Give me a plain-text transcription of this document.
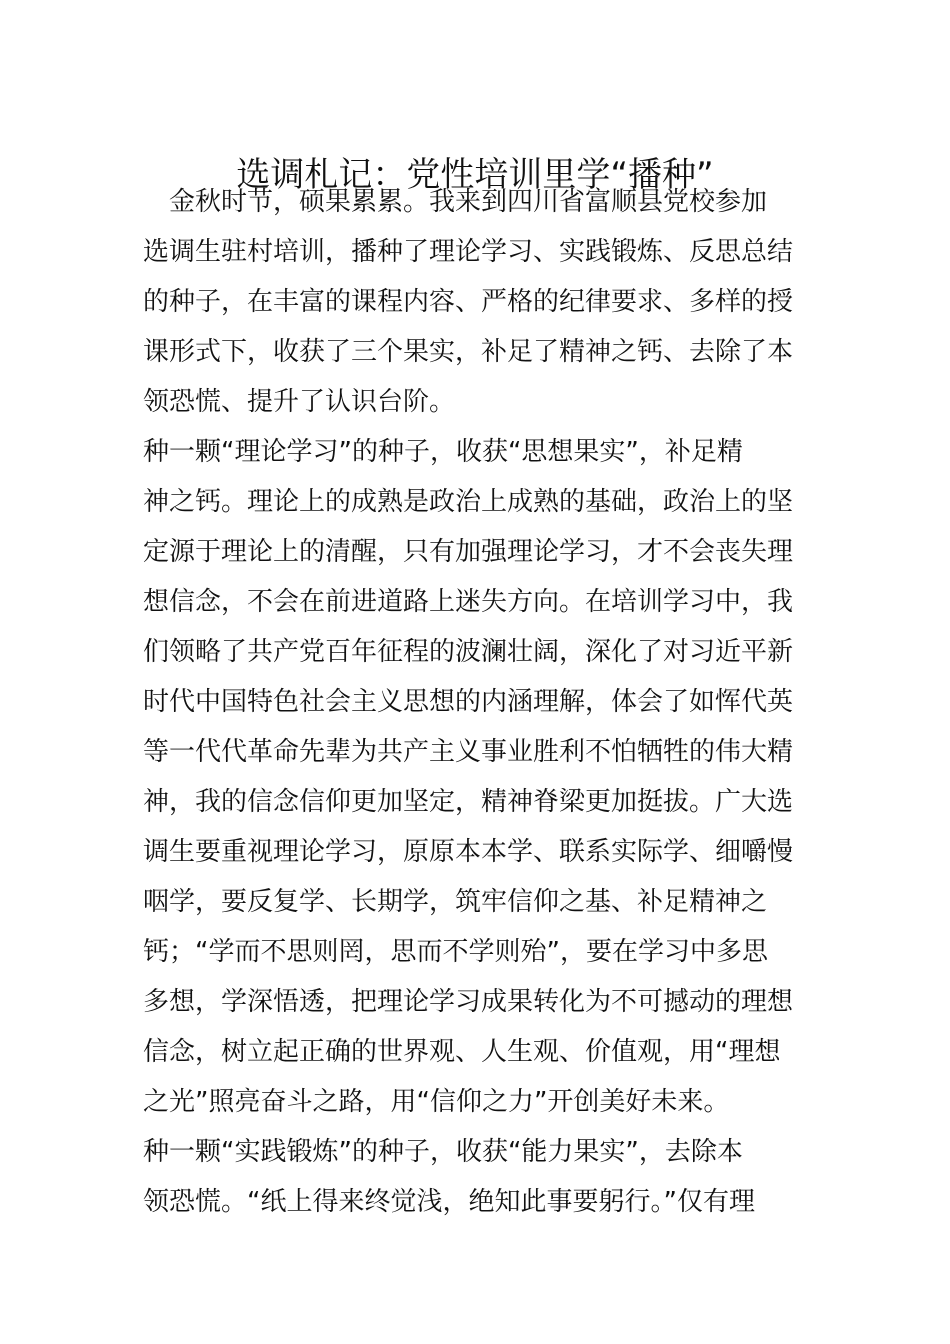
选调札记：党性培训里学“播种”
　金秋时节，硕果累累。我来到四川省富顺县党校参加
选调生驻村培训，播种了理论学习、实践锻炼、反思总结
的种子，在丰富的课程内容、严格的纪律要求、多样的授
课形式下，收获了三个果实，补足了精神之钙、去除了本
领恐慌、提升了认识台阶。
种一颗“理论学习”的种子，收获“思想果实”，补足精
神之钙。理论上的成熟是政治上成熟的基础，政治上的坚
定源于理论上的清醒，只有加强理论学习，才不会丧失理
想信念，不会在前进道路上迷失方向。在培训学习中，我
们领略了共产党百年征程的波澜壮阔，深化了对习近平新
时代中国特色社会主义思想的内涵理解，体会了如恽代英
等一代代革命先辈为共产主义事业胜利不怕牺牲的伟大精
神，我的信念信仰更加坚定，精神脊梁更加挺拔。广大选
调生要重视理论学习，原原本本学、联系实际学、细嚼慢
咽学，要反复学、长期学，筑牢信仰之基、补足精神之
钙；“学而不思则罔，思而不学则殆”，要在学习中多思
多想，学深悟透，把理论学习成果转化为不可撼动的理想
信念，树立起正确的世界观、人生观、价值观，用“理想
之光”照亮奋斗之路，用“信仰之力”开创美好未来。
种一颗“实践锻炼”的种子，收获“能力果实”，去除本
领恐慌。“纸上得来终觉浅，绝知此事要躬行。”仅有理
